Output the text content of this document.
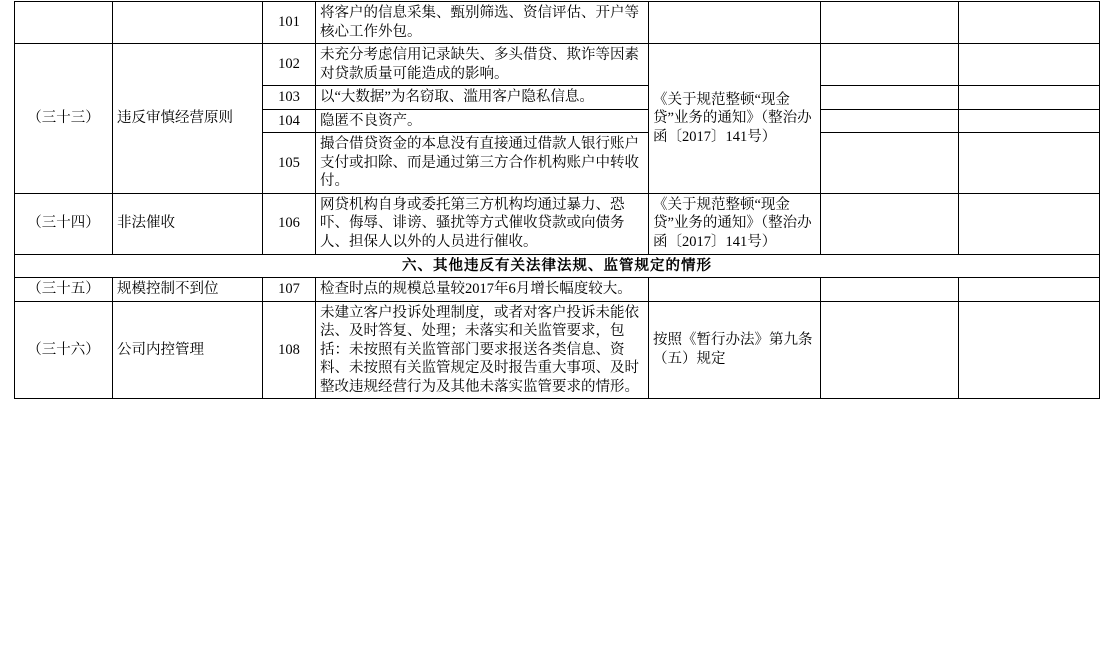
		101	将客户的信息采集、甄别筛选、资信评估、开户等核心工作外包。			
（三十三）	违反审慎经营原则	102	未充分考虑信用记录缺失、多头借贷、欺诈等因素对贷款质量可能造成的影响。	《关于规范整顿“现金贷”业务的通知》（整治办函〔2017〕141号）		
		103	以“大数据”为名窃取、滥用客户隐私信息。			
		104	隐匿不良资产。			
		105	撮合借贷资金的本息没有直接通过借款人银行账户支付或扣除、而是通过第三方合作机构账户中转收付。			
（三十四）	非法催收	106	网贷机构自身或委托第三方机构均通过暴力、恐吓、侮辱、诽谤、骚扰等方式催收贷款或向债务人、担保人以外的人员进行催收。	《关于规范整顿“现金贷”业务的通知》（整治办函〔2017〕141号）		
六、其他违反有关法律法规、监管规定的情形						
（三十五）	规模控制不到位	107	检查时点的规模总量较2017年6月增长幅度较大。			
（三十六）	公司内控管理	108	未建立客户投诉处理制度，或者对客户投诉未能依法、及时答复、处理；未落实和关监管要求，包括：未按照有关监管部门要求报送各类信息、资料、未按照有关监管规定及时报告重大事项、及时整改违规经营行为及其他未落实监管要求的情形。	按照《暂行办法》第九条（五）规定		
